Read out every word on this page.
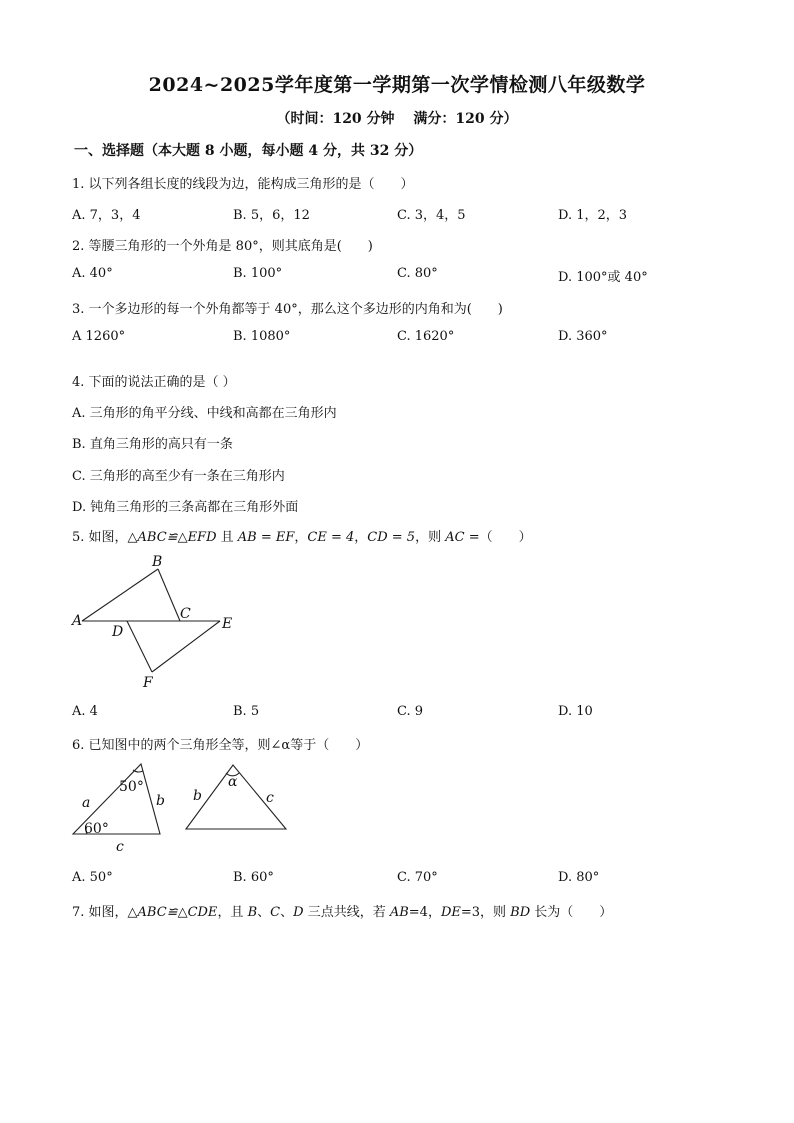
2024~2025学年度第一学期第一次学情检测八年级数学
（时间：120 分钟　 满分：120 分）
一、选择题（本大题 8 小题，每小题 4 分，共 32 分）
1. 以下列各组长度的线段为边，能构成三角形的是（　　）
A. 7，3，4	B. 5，6，12	C. 3，4，5	D. 1，2，3
2. 等腰三角形的一个外角是 80°，则其底角是(　　)
A. 40°	B. 100°	C. 80°	D. 100°或 40°
3. 一个多边形的每一个外角都等于 40°，那么这个多边形的内角和为(　　)
A 1260°	B. 1080°	C. 1620°	D. 360°
4. 下面的说法正确的是（ ）
A. 三角形的角平分线、中线和高都在三角形内
B. 直角三角形的高只有一条
C. 三角形的高至少有一条在三角形内
D. 钝角三角形的三条高都在三角形外面
5. 如图，△ABC≌△EFD 且 AB = EF，CE = 4，CD = 5，则 AC =（　　）
A
B
C
D	E
F
A. 4	B. 5	C. 9	D. 10
6. 已知图中的两个三角形全等，则∠α等于（　　）
50°
60°
a	b
c
α
b	c
A. 50°	B. 60°	C. 70°	D. 80°
7. 如图，△ABC≌△CDE，且 B、C、D 三点共线，若 AB=4，DE=3，则 BD 长为（　　）
